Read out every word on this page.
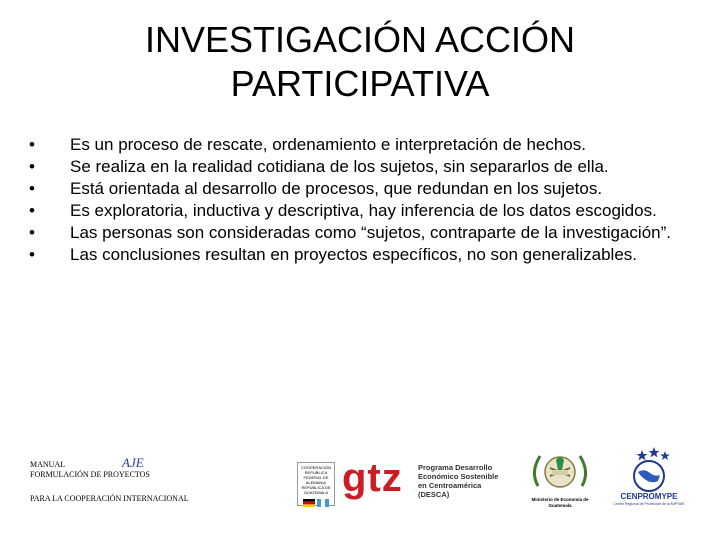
INVESTIGACIÓN ACCIÓN
PARTICIPATIVA
• Es un proceso de rescate, ordenamiento e interpretación de hechos.
• Se realiza en la realidad cotidiana de los sujetos, sin separarlos de ella.
• Está orientada al desarrollo de procesos, que redundan en los sujetos.
• Es exploratoria, inductiva y descriptiva, hay inferencia de los datos escogidos.
• Las personas son consideradas como “sujetos, contraparte de la investigación”.
• Las conclusiones resultan en proyectos específicos, no son generalizables.
MANUAL
FORMULACIÓN DE PROYECTOS
AJE
PARA LA COOPERACIÓN INTERNACIONAL
COOPERACIÓN REPUBLICA FEDERAL DE ALEMANIA REPÚBLICA DE GUATEMALA gtz Programa Desarrollo
Económico Sostenible
en Centroamérica
(DESCA)
Ministerio de Economía de Guatemala
CENPROMYPE
Centro Regional de Promoción de la MIPYME
